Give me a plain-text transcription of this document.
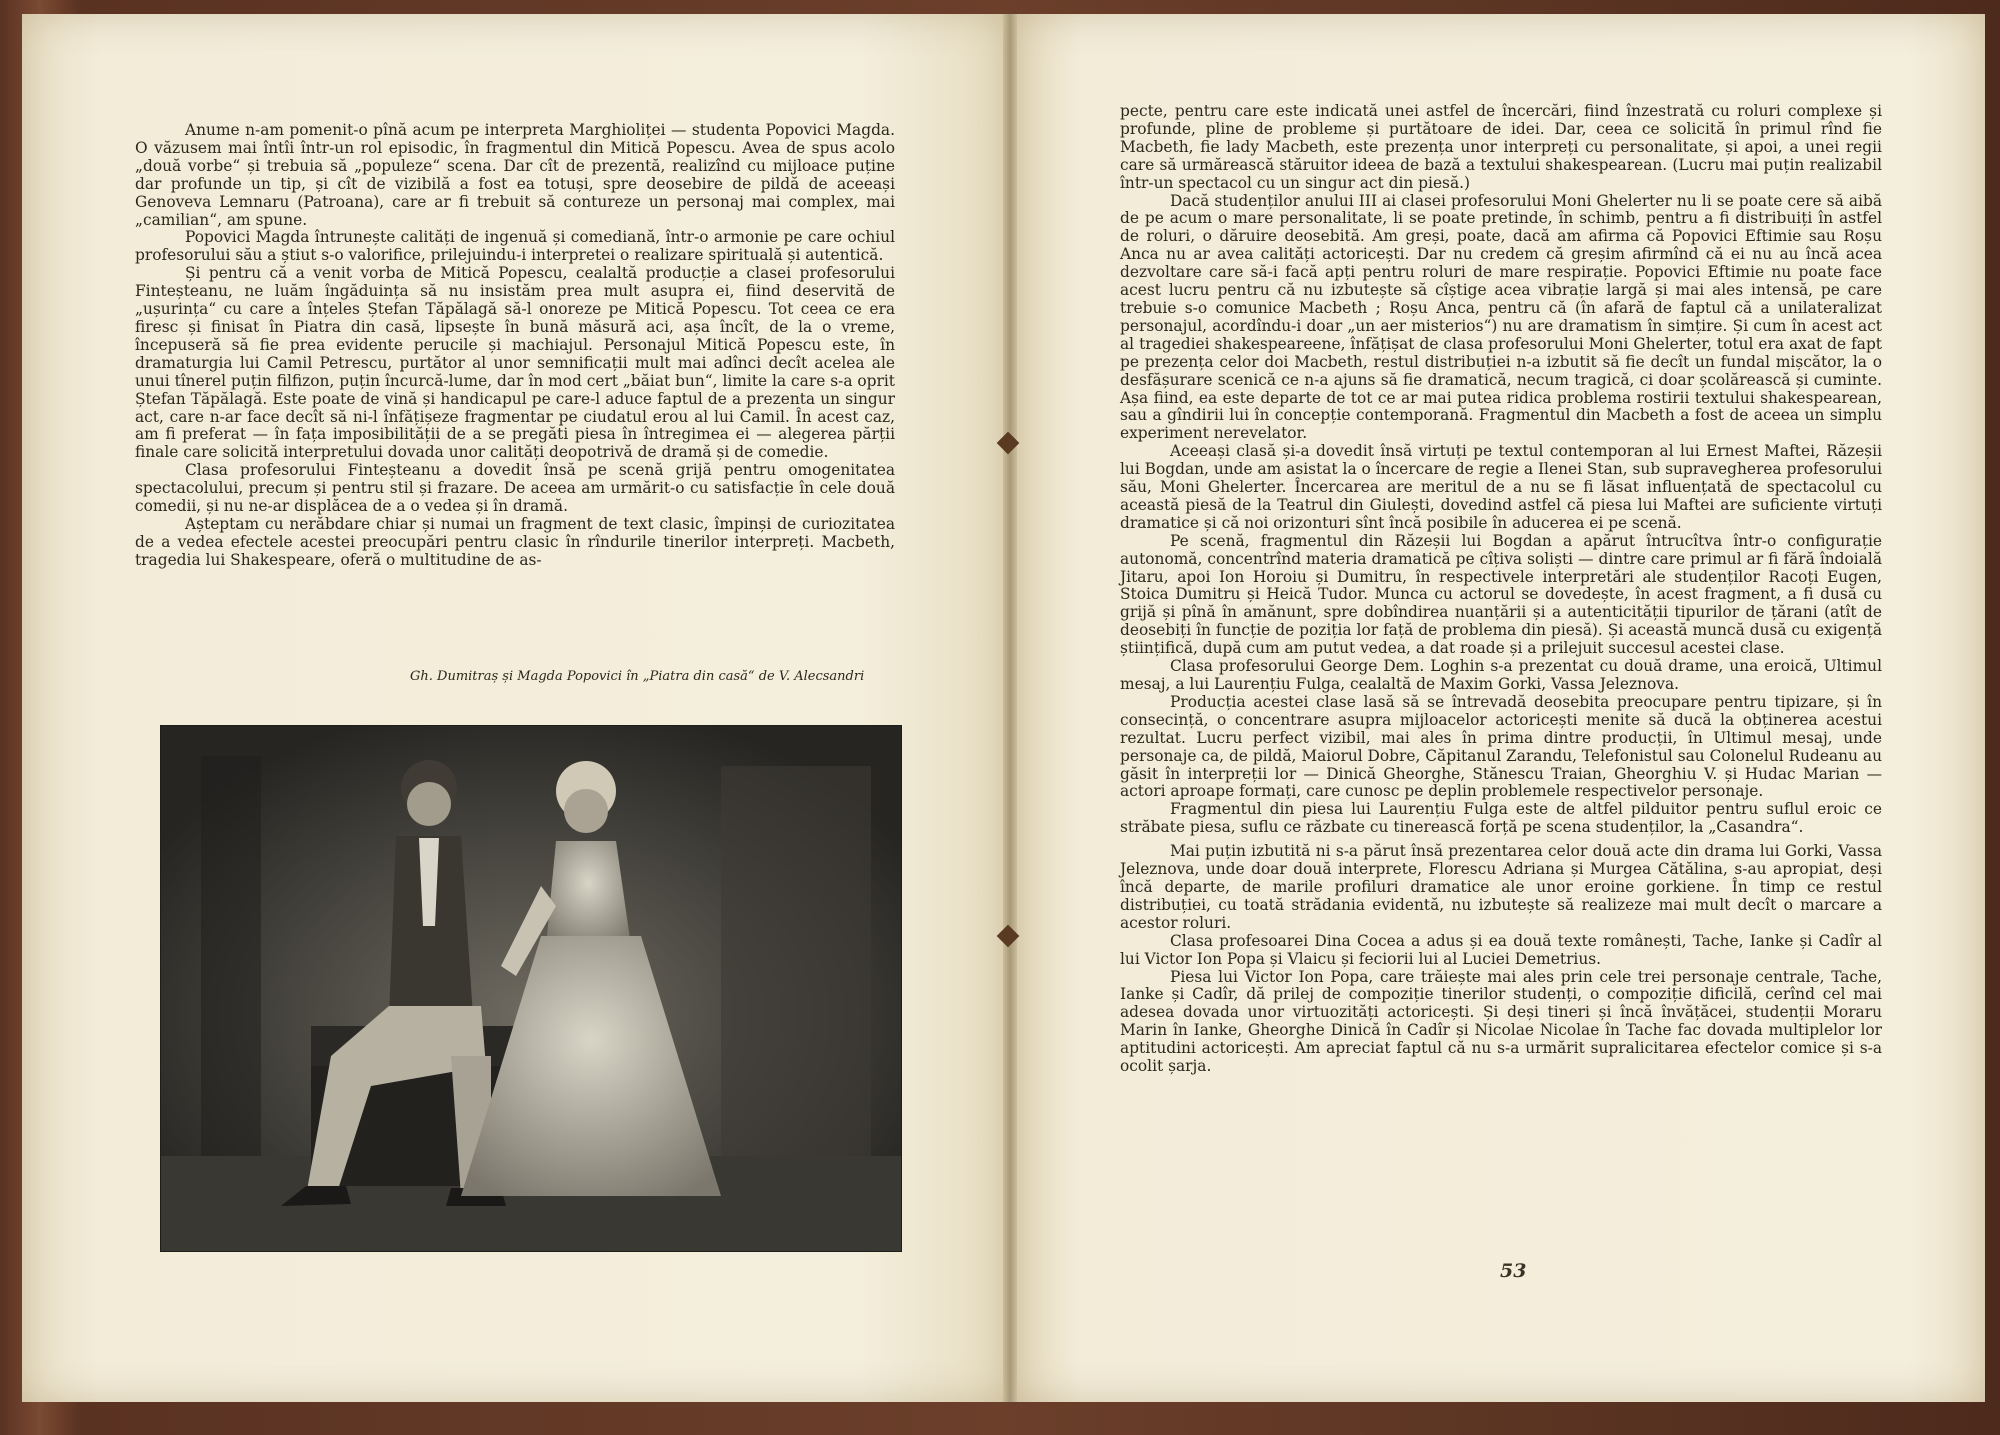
Anume n-am pomenit-o pînă acum pe interpreta Marghioliței — studenta Popovici Magda. O văzusem mai întîi într-un rol episodic, în fragmentul din Mitică Popescu. Avea de spus acolo „două vorbe“ și trebuia să „populeze“ scena. Dar cît de prezentă, realizînd cu mijloace puține dar profunde un tip, și cît de vizibilă a fost ea totuși, spre deosebire de pildă de aceeași Genoveva Lemnaru (Patroana), care ar fi trebuit să contureze un personaj mai complex, mai „camilian“, am spune.

Popovici Magda întrunește calități de ingenuă și comediană, într-o armonie pe care ochiul profesorului său a știut s-o valorifice, prilejuindu-i interpretei o realizare spirituală și autentică.

Și pentru că a venit vorba de Mitică Popescu, cealaltă producție a clasei profesorului Finteșteanu, ne luăm îngăduința să nu insistăm prea mult asupra ei, fiind deservită de „ușurința“ cu care a înțeles Ștefan Tăpălagă să-l onoreze pe Mitică Popescu. Tot ceea ce era firesc și finisat în Piatra din casă, lipsește în bună măsură aci, așa încît, de la o vreme, începuseră să fie prea evidente perucile și machiajul. Personajul Mitică Popescu este, în dramaturgia lui Camil Petrescu, purtător al unor semnificații mult mai adînci decît acelea ale unui tînerel puțin filfizon, puțin încurcă-lume, dar în mod cert „băiat bun“, limite la care s-a oprit Ștefan Tăpălagă. Este poate de vină și handicapul pe care-l aduce faptul de a prezenta un singur act, care n-ar face decît să ni-l înfățișeze fragmentar pe ciudatul erou al lui Camil. În acest caz, am fi preferat — în fața imposibilității de a se pregăti piesa în întregimea ei — alegerea părții finale care solicită interpretului dovada unor calități deopotrivă de dramă și de comedie.

Clasa profesorului Finteșteanu a dovedit însă pe scenă grijă pentru omogenitatea spectacolului, precum și pentru stil și frazare. De aceea am urmărit-o cu satisfacție în cele două comedii, și nu ne-ar displăcea de a o vedea și în dramă.

Așteptam cu nerăbdare chiar și numai un fragment de text clasic, împinși de curiozitatea de a vedea efectele acestei preocupări pentru clasic în rîndurile tinerilor interpreți. Macbeth, tragedia lui Shakespeare, oferă o multitudine de as-

Gh. Dumitraș și Magda Popovici în „Piatra din casă“ de V. Alecsandri

pecte, pentru care este indicată unei astfel de încercări, fiind înzestrată cu roluri complexe și profunde, pline de probleme și purtătoare de idei. Dar, ceea ce solicită în primul rînd fie Macbeth, fie lady Macbeth, este prezența unor interpreți cu personalitate, și apoi, a unei regii care să urmărească stăruitor ideea de bază a textului shakespearean. (Lucru mai puțin realizabil într-un spectacol cu un singur act din piesă.)

Dacă studenților anului III ai clasei profesorului Moni Ghelerter nu li se poate cere să aibă de pe acum o mare personalitate, li se poate pretinde, în schimb, pentru a fi distribuiți în astfel de roluri, o dăruire deosebită. Am greși, poate, dacă am afirma că Popovici Eftimie sau Roșu Anca nu ar avea calități actoricești. Dar nu credem că greșim afirmînd că ei nu au încă acea dezvoltare care să-i facă apți pentru roluri de mare respirație. Popovici Eftimie nu poate face acest lucru pentru că nu izbutește să cîștige acea vibrație largă și mai ales intensă, pe care trebuie s-o comunice Macbeth ; Roșu Anca, pentru că (în afară de faptul că a unilateralizat personajul, acordîndu-i doar „un aer misterios“) nu are dramatism în simțire. Și cum în acest act al tragediei shakespeareene, înfățișat de clasa profesorului Moni Ghelerter, totul era axat de fapt pe prezența celor doi Macbeth, restul distribuției n-a izbutit să fie decît un fundal mișcător, la o desfășurare scenică ce n-a ajuns să fie dramatică, necum tragică, ci doar școlărească și cuminte. Așa fiind, ea este departe de tot ce ar mai putea ridica problema rostirii textului shakespearean, sau a gîndirii lui în concepție contemporană. Fragmentul din Macbeth a fost de aceea un simplu experiment nerevelator.

Aceeași clasă și-a dovedit însă virtuți pe textul contemporan al lui Ernest Maftei, Răzeșii lui Bogdan, unde am asistat la o încercare de regie a Ilenei Stan, sub supravegherea profesorului său, Moni Ghelerter. Încercarea are meritul de a nu se fi lăsat influențată de spectacolul cu această piesă de la Teatrul din Giulești, dovedind astfel că piesa lui Maftei are suficiente virtuți dramatice și că noi orizonturi sînt încă posibile în aducerea ei pe scenă.

Pe scenă, fragmentul din Răzeșii lui Bogdan a apărut întrucîtva într-o configurație autonomă, concentrînd materia dramatică pe cîțiva soliști — dintre care primul ar fi fără îndoială Jitaru, apoi Ion Horoiu și Dumitru, în respectivele interpretări ale studenților Racoți Eugen, Stoica Dumitru și Heică Tudor. Munca cu actorul se dovedește, în acest fragment, a fi dusă cu grijă și pînă în amănunt, spre dobîndirea nuanțării și a autenticității tipurilor de țărani (atît de deosebiți în funcție de poziția lor față de problema din piesă). Și această muncă dusă cu exigență științifică, după cum am putut vedea, a dat roade și a prilejuit succesul acestei clase.

Clasa profesorului George Dem. Loghin s-a prezentat cu două drame, una eroică, Ultimul mesaj, a lui Laurențiu Fulga, cealaltă de Maxim Gorki, Vassa Jeleznova.

Producția acestei clase lasă să se întrevadă deosebita preocupare pentru tipizare, și în consecință, o concentrare asupra mijloacelor actoricești menite să ducă la obținerea acestui rezultat. Lucru perfect vizibil, mai ales în prima dintre producții, în Ultimul mesaj, unde personaje ca, de pildă, Maiorul Dobre, Căpitanul Zarandu, Telefonistul sau Colonelul Rudeanu au găsit în interpreții lor — Dinică Gheorghe, Stănescu Traian, Gheorghiu V. și Hudac Marian — actori aproape formați, care cunosc pe deplin problemele respectivelor personaje.

Fragmentul din piesa lui Laurențiu Fulga este de altfel pilduitor pentru suflul eroic ce străbate piesa, suflu ce răzbate cu tinerească forță pe scena studenților, la „Casandra“.

Mai puțin izbutită ni s-a părut însă prezentarea celor două acte din drama lui Gorki, Vassa Jeleznova, unde doar două interprete, Florescu Adriana și Murgea Cătălina, s-au apropiat, deși încă departe, de marile profiluri dramatice ale unor eroine gorkiene. În timp ce restul distribuției, cu toată strădania evidentă, nu izbutește să realizeze mai mult decît o marcare a acestor roluri.

Clasa profesoarei Dina Cocea a adus și ea două texte românești, Tache, Ianke și Cadîr al lui Victor Ion Popa și Vlaicu și feciorii lui al Luciei Demetrius.

Piesa lui Victor Ion Popa, care trăiește mai ales prin cele trei personaje centrale, Tache, Ianke și Cadîr, dă prilej de compoziție tinerilor studenți, o compoziție dificilă, cerînd cel mai adesea dovada unor virtuozități actoricești. Și deși tineri și încă învățăcei, studenții Moraru Marin în Ianke, Gheorghe Dinică în Cadîr și Nicolae Nicolae în Tache fac dovada multiplelor lor aptitudini actoricești. Am apreciat faptul că nu s-a urmărit supralicitarea efectelor comice și s-a ocolit șarja.

53
